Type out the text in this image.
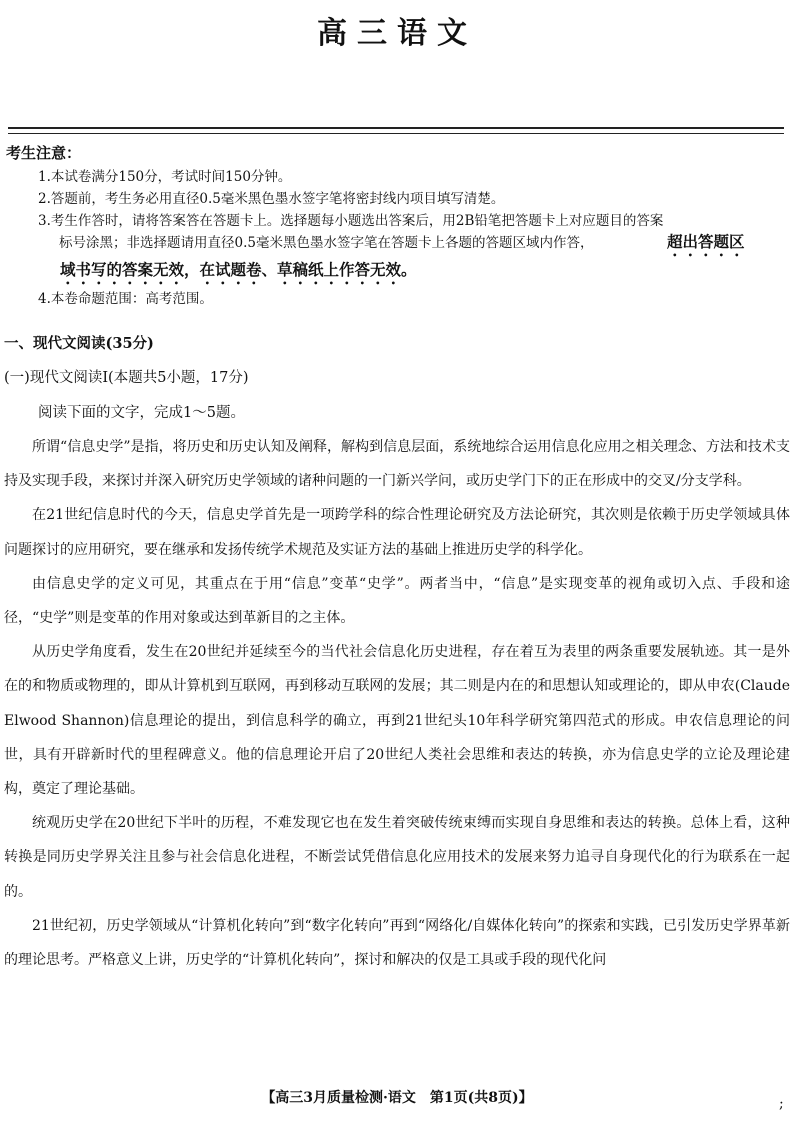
高三语文
考生注意：
1.本试卷满分150分，考试时间150分钟。
2.答题前，考生务必用直径0.5毫米黑色墨水签字笔将密封线内项目填写清楚。
3.考生作答时，请将答案答在答题卡上。选择题每小题选出答案后，用2B铅笔把答题卡上对应题目的答案
标号涂黑；非选择题请用直径0.5毫米黑色墨水签字笔在答题卡上各题的答题区域内作答，	超出答题区
域书写的答案无效，在试题卷、草稿纸上作答无效。
4.本卷命题范围：高考范围。
一、现代文阅读(35分)
(一)现代文阅读Ⅰ(本题共5小题，17分)
阅读下面的文字，完成1～5题。

所谓“信息史学”是指，将历史和历史认知及阐释，解构到信息层面，系统地综合运用信息化应用之相关理念、方法和技术支持及实现手段，来探讨并深入研究历史学领域的诸种问题的一门新兴学问，或历史学门下的正在形成中的交叉/分支学科。

在21世纪信息时代的今天，信息史学首先是一项跨学科的综合性理论研究及方法论研究，其次则是依赖于历史学领域具体问题探讨的应用研究，要在继承和发扬传统学术规范及实证方法的基础上推进历史学的科学化。

由信息史学的定义可见，其重点在于用“信息”变革“史学”。两者当中，“信息”是实现变革的视角或切入点、手段和途径，“史学”则是变革的作用对象或达到革新目的之主体。

从历史学角度看，发生在20世纪并延续至今的当代社会信息化历史进程，存在着互为表里的两条重要发展轨迹。其一是外在的和物质或物理的，即从计算机到互联网，再到移动互联网的发展；其二则是内在的和思想认知或理论的，即从申农(Claude Elwood Shannon)信息理论的提出，到信息科学的确立，再到21世纪头10年科学研究第四范式的形成。申农信息理论的问世，具有开辟新时代的里程碑意义。他的信息理论开启了20世纪人类社会思维和表达的转换，亦为信息史学的立论及理论建构，奠定了理论基础。

统观历史学在20世纪下半叶的历程，不难发现它也在发生着突破传统束缚而实现自身思维和表达的转换。总体上看，这种转换是同历史学界关注且参与社会信息化进程，不断尝试凭借信息化应用技术的发展来努力追寻自身现代化的行为联系在一起的。

21世纪初，历史学领域从“计算机化转向”到“数字化转向”再到“网络化/自媒体化转向”的探索和实践，已引发历史学界革新的理论思考。严格意义上讲，历史学的“计算机化转向”，探讨和解决的仅是工具或手段的现代化问

【高三3月质量检测·语文　第1页(共8页)】	;
